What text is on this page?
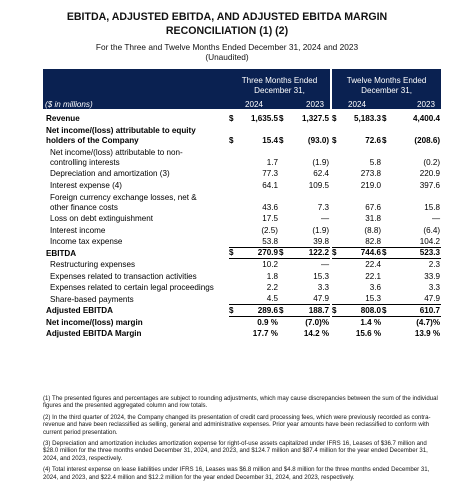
EBITDA, ADJUSTED EBITDA, AND ADJUSTED EBITDA MARGIN
RECONCILIATION (1) (2)
For the Three and Twelve Months Ended December 31, 2024 and 2023
(Unaudited)
	Three Months Ended
December 31,				Twelve Months Ended
December 31,			
($ in millions)	2024		2023		2024		2023	

Revenue	$	1,635.5	$	1,327.5	$	5,183.3	$	4,400.4
Net income/(loss) attributable to equity holders of the Company	$	15.4	$	(93.0)	$	72.6	$	(208.6)
Net income/(loss) attributable to non-controlling interests		1.7		(1.9)		5.8		(0.2)
Depreciation and amortization (3)		77.3		62.4		273.8		220.9
Interest expense (4)		64.1		109.5		219.0		397.6
Foreign currency exchange losses, net & other finance costs		43.6		7.3		67.6		15.8
Loss on debt extinguishment		17.5		—		31.8		—
Interest income		(2.5)		(1.9)		(8.8)		(6.4)
Income tax expense		53.8		39.8		82.8		104.2
EBITDA	$	270.9	$	122.2	$	744.6	$	523.3
Restructuring expenses		10.2		—		22.4		2.3
Expenses related to transaction activities		1.8		15.3		22.1		33.9
Expenses related to certain legal proceedings		2.2		3.3		3.6		3.3
Share-based payments		4.5		47.9		15.3		47.9
Adjusted EBITDA	$	289.6	$	188.7	$	808.0	$	610.7
Net income/(loss) margin		0.9 %		(7.0)%		1.4 %		(4.7)%
Adjusted EBITDA Margin		17.7 %		14.2 %		15.6 %		13.9 %

(1) The presented figures and percentages are subject to rounding adjustments, which may cause discrepancies between the sum of the individual figures and the presented aggregated column and row totals.

(2) In the third quarter of 2024, the Company changed its presentation of credit card processing fees, which were previously recorded as contra-revenue and have been reclassified as selling, general and administrative expenses. Prior year amounts have been reclassified to conform with current period presentation.

(3) Depreciation and amortization includes amortization expense for right-of-use assets capitalized under IFRS 16, Leases of $36.7 million and $28.0 million for the three months ended December 31, 2024, and 2023, and $124.7 million and $87.4 million for the year ended December 31, 2024, and 2023, respectively.

(4) Total interest expense on lease liabilities under IFRS 16, Leases was $6.8 million and $4.8 million for the three months ended December 31, 2024, and 2023, and $22.4 million and $12.2 million for the year ended December 31, 2024, and 2023, respectively.
